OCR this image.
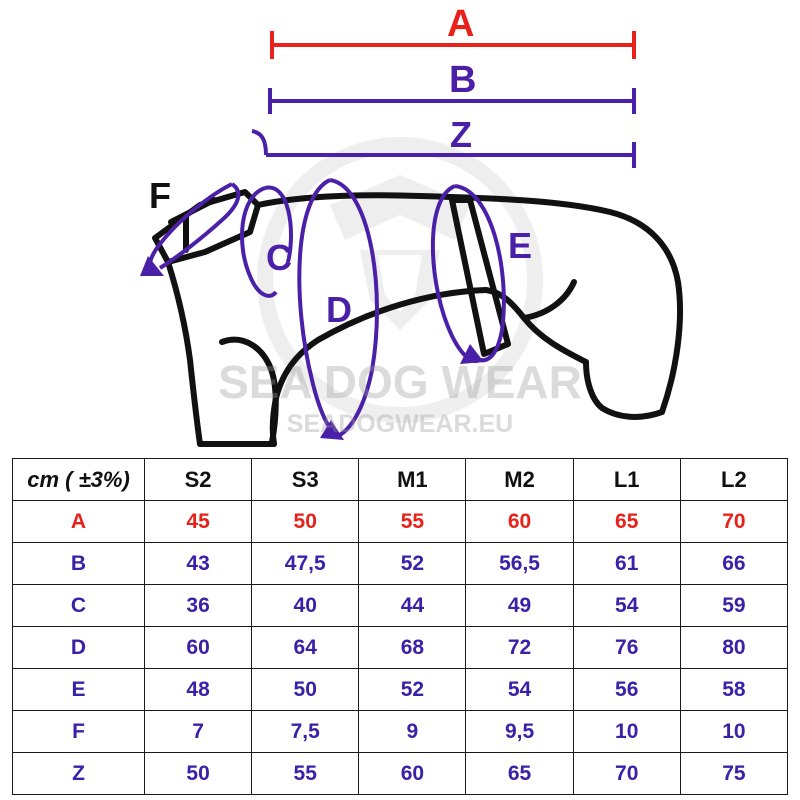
SEA DOG WEAR
SEADOGWEAR.EU
A
B
Z
C
D
E
F
cm ( ±3%)	S2	S3	M1	M2	L1	L2
A	45	50	55	60	65	70
B	43	47,5	52	56,5	61	66
C	36	40	44	49	54	59
D	60	64	68	72	76	80
E	48	50	52	54	56	58
F	7	7,5	9	9,5	10	10
Z	50	55	60	65	70	75
